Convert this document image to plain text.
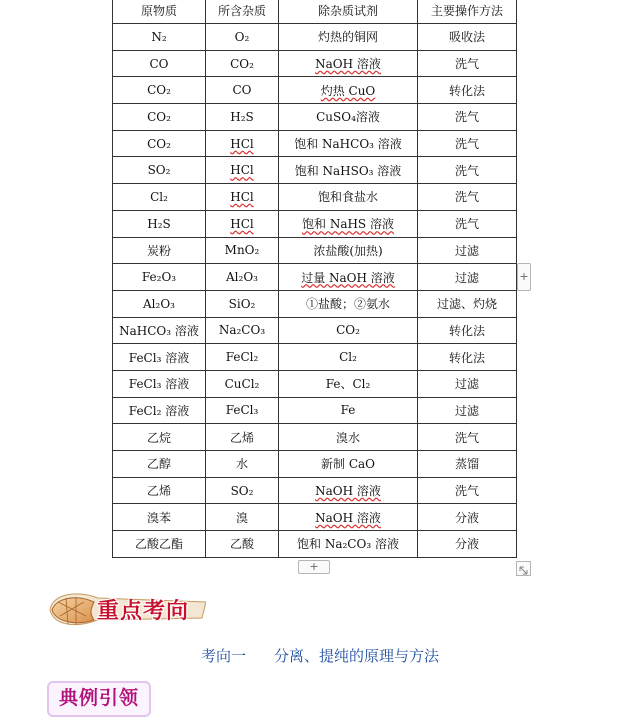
原物质	所含杂质	除杂质试剂	主要操作方法
N₂	O₂	灼热的铜网	吸收法
CO	CO₂	NaOH 溶液	洗气
CO₂	CO	灼热 CuO	转化法
CO₂	H₂S	CuSO₄溶液	洗气
CO₂	HCl	饱和 NaHCO₃ 溶液	洗气
SO₂	HCl	饱和 NaHSO₃ 溶液	洗气
Cl₂	HCl	饱和食盐水	洗气
H₂S	HCl	饱和 NaHS 溶液	洗气
炭粉	MnO₂	浓盐酸(加热)	过滤
Fe₂O₃	Al₂O₃	过量 NaOH 溶液	过滤
Al₂O₃	SiO₂	①盐酸；②氨水	过滤、灼烧
NaHCO₃ 溶液	Na₂CO₃	CO₂	转化法
FeCl₃ 溶液	FeCl₂	Cl₂	转化法
FeCl₃ 溶液	CuCl₂	Fe、Cl₂	过滤
FeCl₂ 溶液	FeCl₃	Fe	过滤
乙烷	乙烯	溴水	洗气
乙醇	水	新制 CaO	蒸馏
乙烯	SO₂	NaOH 溶液	洗气
溴苯	溴	NaOH 溶液	分液
乙酸乙酯	乙酸	饱和 Na₂CO₃ 溶液	分液
+
+
重点考向
考向一 分离、提纯的原理与方法
典例引领
